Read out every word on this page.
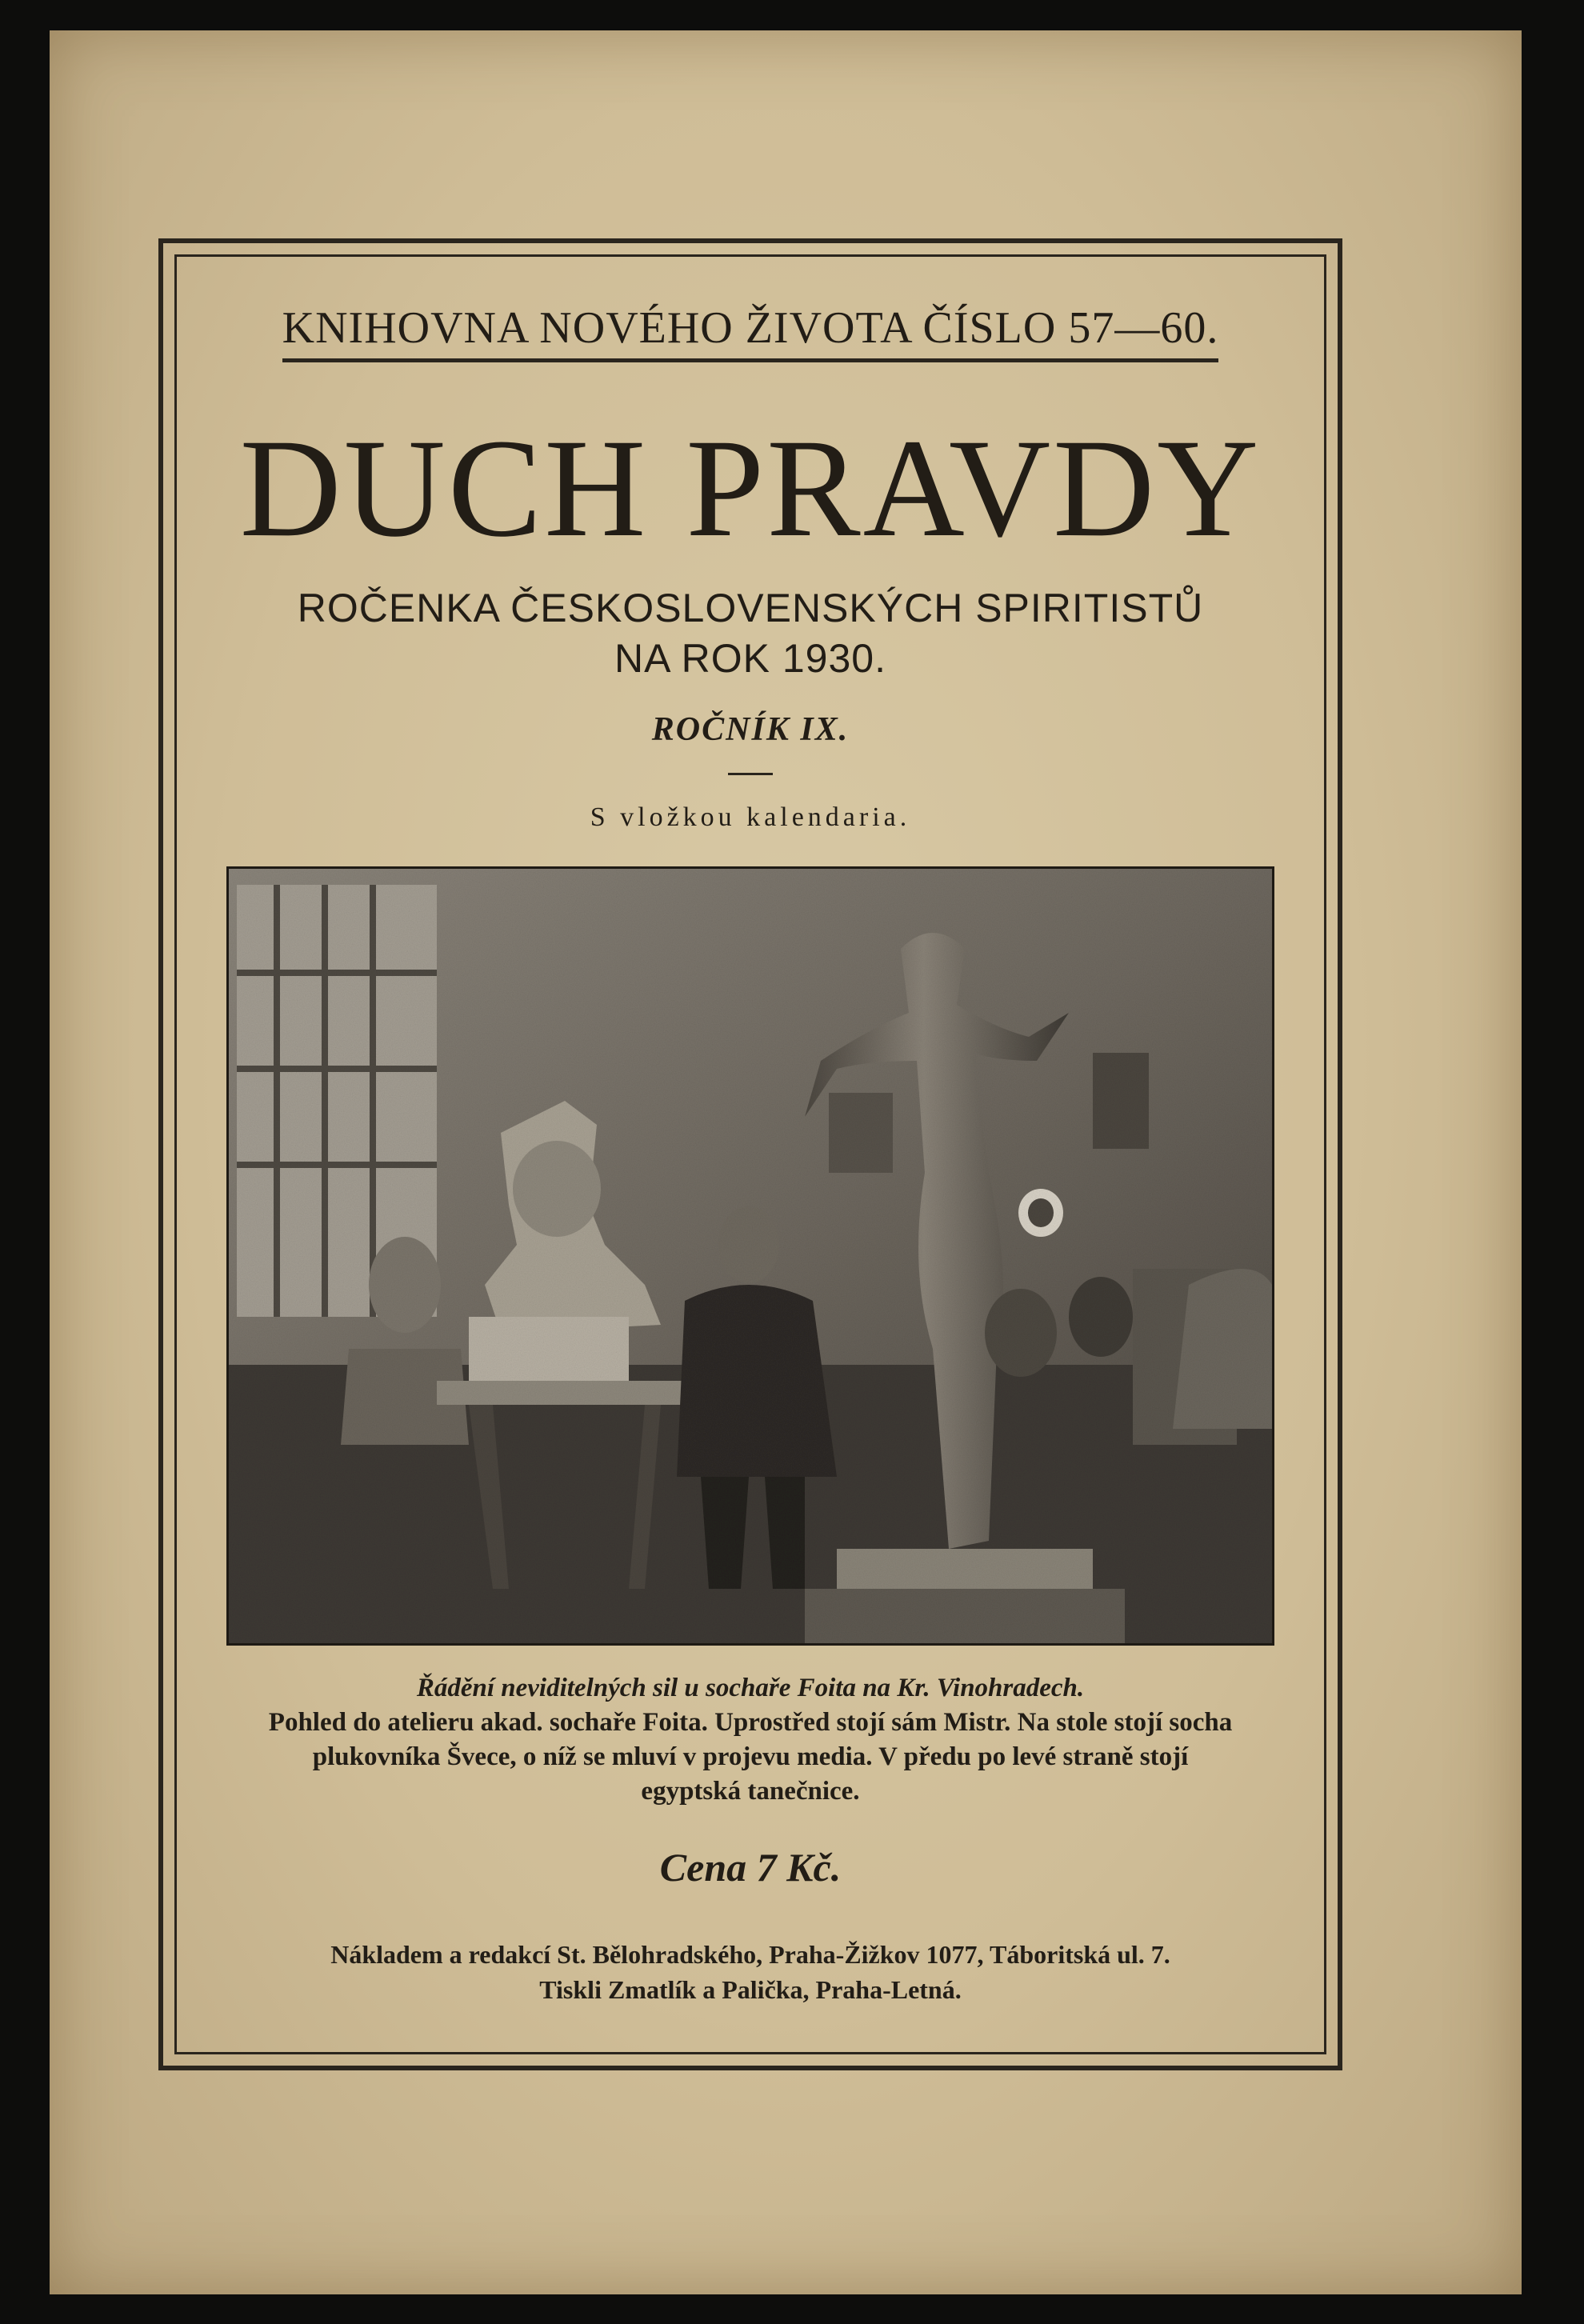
KNIHOVNA NOVÉHO ŽIVOTA ČÍSLO 57—60.
DUCH PRAVDY
ROČENKA ČESKOSLOVENSKÝCH SPIRITISTŮ
NA ROK 1930.
ROČNÍK IX.
S vložkou kalendaria.
Řádění neviditelných sil u sochaře Foita na Kr. Vinohradech.
Pohled do atelieru akad. sochaře Foita. Uprostřed stojí sám Mistr. Na stole stojí socha plukovníka Švece, o níž se mluví v projevu media. V předu po levé straně stojí egyptská tanečnice.
Cena 7 Kč.
Nákladem a redakcí St. Bělohradského, Praha-Žižkov 1077, Táboritská ul. 7.
Tiskli Zmatlík a Palička, Praha-Letná.
